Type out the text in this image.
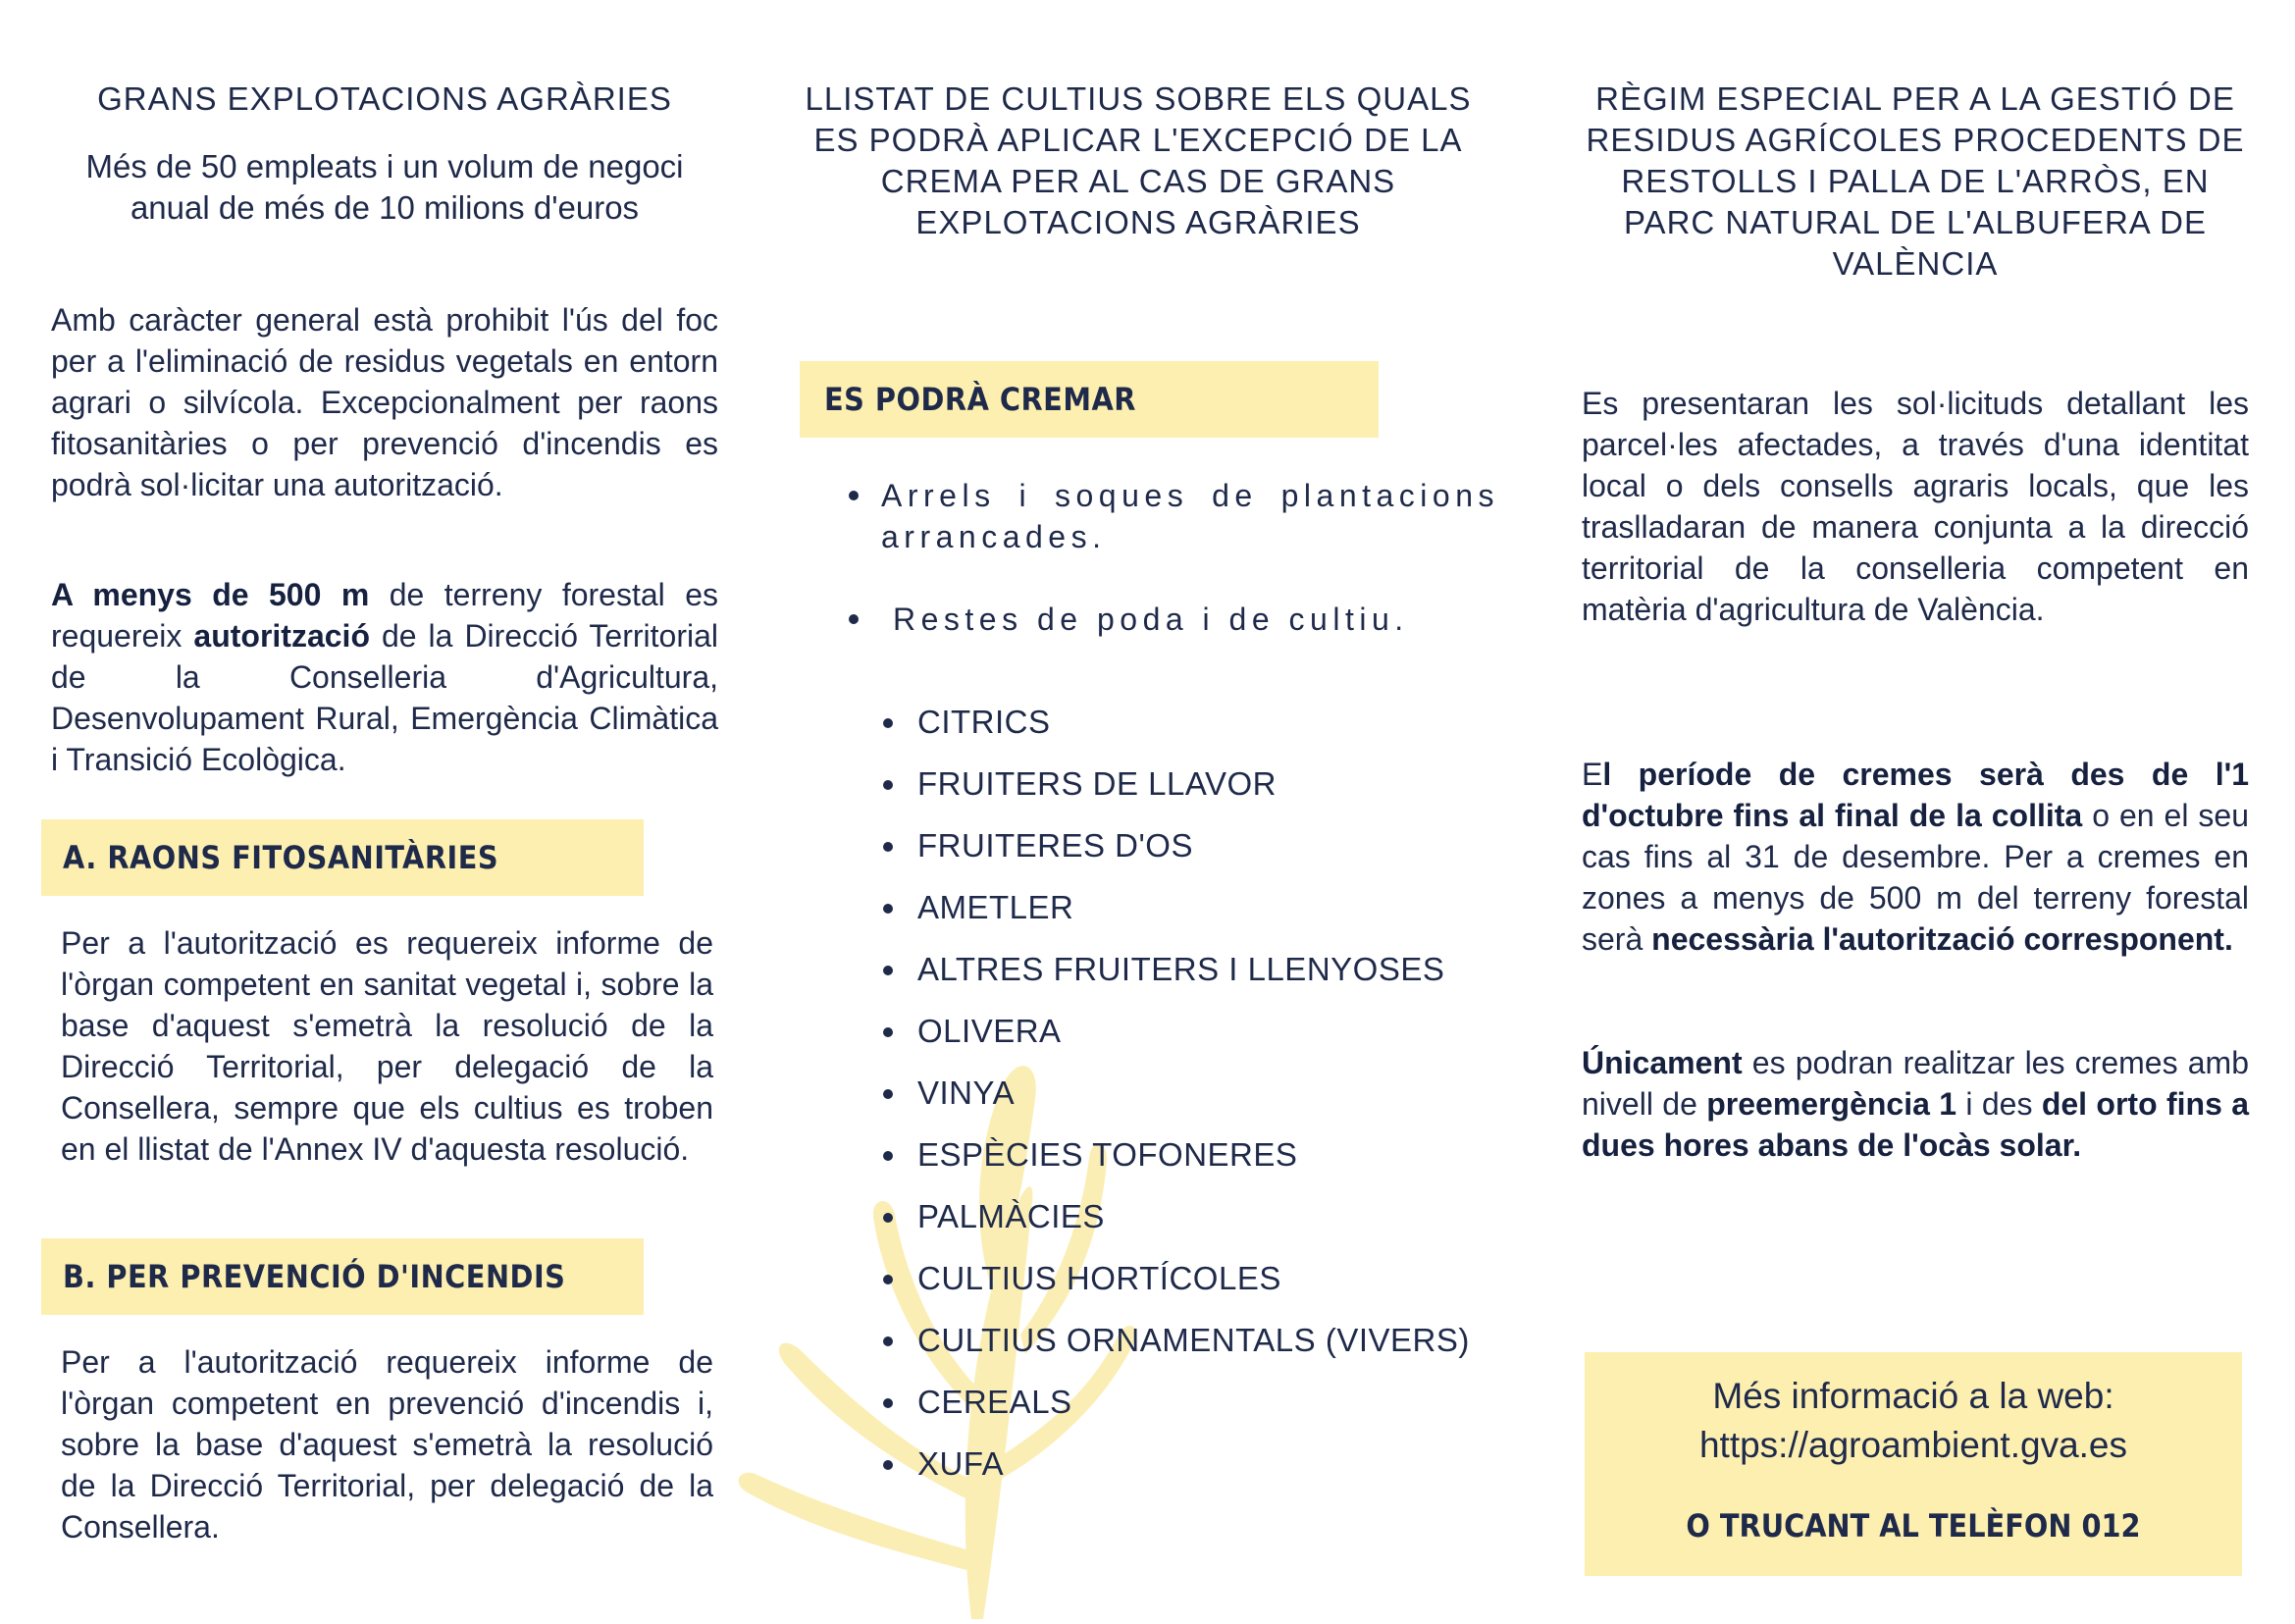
GRANS EXPLOTACIONS AGRÀRIES

Més de 50 empleats i un volum de negoci

anual de més de 10 milions d'euros

Amb caràcter general està prohibit l'ús del foc per a l'eliminació de residus vegetals en entorn agrari o silvícola. Excepcionalment per raons fitosanitàries o per prevenció d'incendis es podrà sol·licitar una autorització.

A menys de 500 m de terreny forestal es requereix autorització de la Direcció Territorial de la Conselleria d'Agricultura, Desenvolupament Rural, Emergència Climàtica i Transició Ecològica.

A. RAONS FITOSANITÀRIES

Per a l'autorització es requereix informe de l'òrgan competent en sanitat vegetal i, sobre la base d'aquest s'emetrà la resolució de la Direcció Territorial, per delegació de la Consellera, sempre que els cultius es troben en el llistat de l'Annex IV d'aquesta resolució.

B. PER PREVENCIÓ D'INCENDIS

Per a l'autorització requereix informe de l'òrgan competent en prevenció d'incendis i, sobre la base d'aquest s'emetrà la resolució de la Direcció Territorial, per delegació de la Consellera.

LLISTAT DE CULTIUS SOBRE ELS QUALS ES PODRÀ APLICAR L'EXCEPCIÓ DE LA CREMA PER AL CAS DE GRANS EXPLOTACIONS AGRÀRIES

ES PODRÀ CREMAR

Arrels i soques de plantacions arrancades.

Restes de poda i de cultiu.

CITRICS

FRUITERS DE LLAVOR

FRUITERES D'OS

AMETLER

ALTRES FRUITERS I LLENYOSES

OLIVERA

VINYA

ESPÈCIES TOFONERES

PALMÀCIES

CULTIUS HORTÍCOLES

CULTIUS ORNAMENTALS (VIVERS)

CEREALS

XUFA

RÈGIM ESPECIAL PER A LA GESTIÓ DE RESIDUS AGRÍCOLES PROCEDENTS DE RESTOLLS I PALLA DE L'ARRÒS, EN PARC NATURAL DE L'ALBUFERA DE VALÈNCIA

Es presentaran les sol·licituds detallant les parcel·les afectades, a través d'una identitat local o dels consells agraris locals, que les traslladaran de manera conjunta a la direcció territorial de la conselleria competent en matèria d'agricultura de València.

El període de cremes serà des de l'1 d'octubre fins al final de la collita o en el seu cas fins al 31 de desembre. Per a cremes en zones a menys de 500 m del terreny forestal serà necessària l'autorització corresponent.

Únicament es podran realitzar les cremes amb nivell de preemergència 1 i des del orto fins a dues hores abans de l'ocàs solar.

Més informació a la web:

https://agroambient.gva.es

O TRUCANT AL TELÈFON 012
